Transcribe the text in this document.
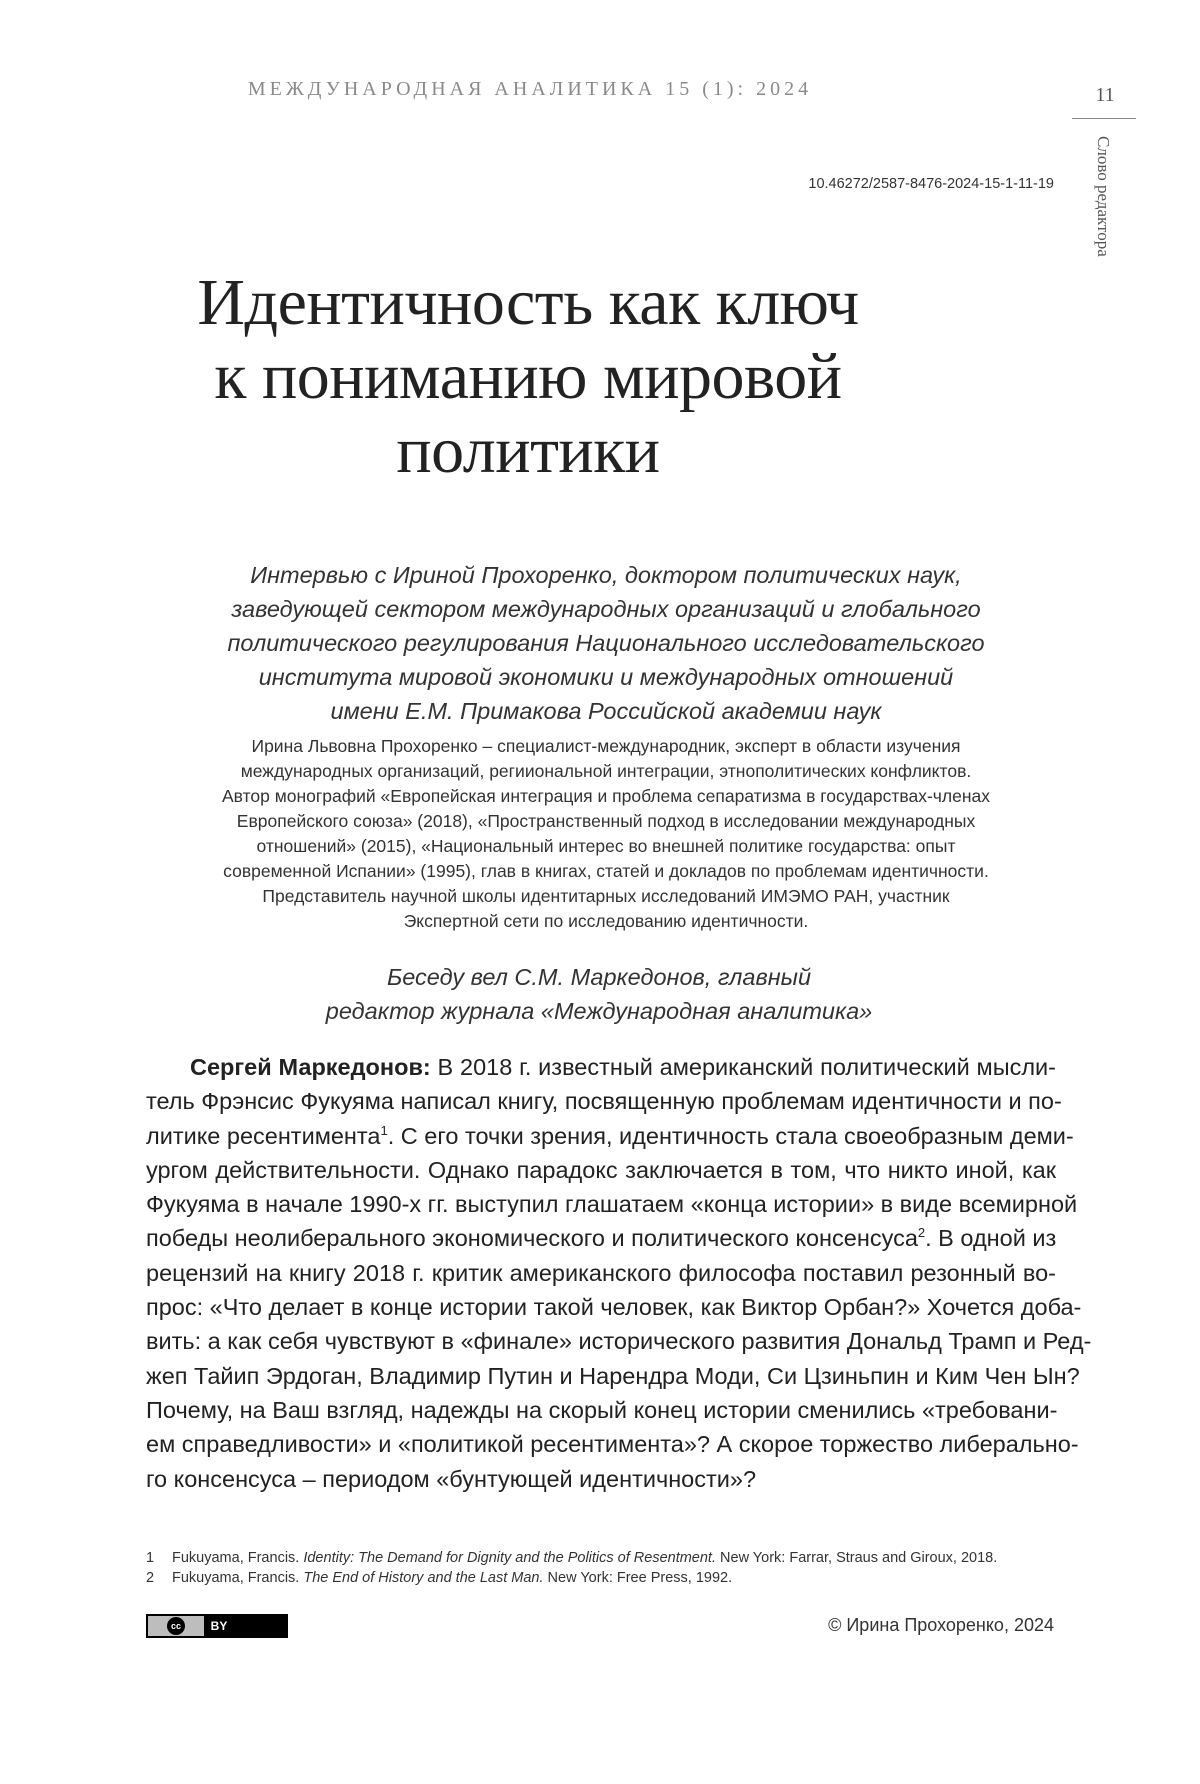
МЕЖДУНАРОДНАЯ АНАЛИТИКА 15 (1): 2024	11
Слово редактора
10.46272/2587-8476-2024-15-1-11-19
Идентичность как ключ
к пониманию мировой
политики
Интервью с Ириной Прохоренко, доктором политических наук,
заведующей сектором международных организаций и глобального
политического регулирования Национального исследовательского
института мировой экономики и международных отношений
имени Е.М. Примакова Российской академии наук
Ирина Львовна Прохоренко – специалист-международник, эксперт в области изучения
международных организаций, регииональной интеграции, этнополитических конфликтов.
Автор монографий «Европейская интеграция и проблема сепаратизма в государствах-членах
Европейского союза» (2018), «Пространственный подход в исследовании международных
отношений» (2015), «Национальный интерес во внешней политике государства: опыт
современной Испании» (1995), глав в книгах, статей и докладов по проблемам идентичности.
Представитель научной школы идентитарных исследований ИМЭМО РАН, участник
Экспертной сети по исследованию идентичности.
Беседу вел С.М. Маркедонов, главный
редактор журнала «Международная аналитика»
Сергей Маркедонов: В 2018 г. известный американский политический мысли-
тель Фрэнсис Фукуяма написал книгу, посвященную проблемам идентичности и по-
литике ресентимента$^1$. С его точки зрения, идентичность стала своеобразным деми-
ургом действительности. Однако парадокс заключается в том, что никто иной, как
Фукуяма в начале 1990-х гг. выступил глашатаем «конца истории» в виде всемирной
победы неолиберального экономического и политического консенсуса$^2$. В одной из
рецензий на книгу 2018 г. критик американского философа поставил резонный во-
прос: «Что делает в конце истории такой человек, как Виктор Орбан?» Хочется доба-
вить: а как себя чувствуют в «финале» исторического развития Дональд Трамп и Ред-
жеп Тайип Эрдоган, Владимир Путин и Нарендра Моди, Си Цзиньпин и Ким Чен Ын?
Почему, на Ваш взгляд, надежды на скорый конец истории сменились «требовани-
ем справедливости» и «политикой ресентимента»? А скорое торжество либерально-
го консенсуса – периодом «бунтующей идентичности»?
1	Fukuyama, Francis. Identity: The Demand for Dignity and the Politics of Resentment. New York: Farrar, Straus and Giroux, 2018.
2	Fukuyama, Francis. The End of History and the Last Man. New York: Free Press, 1992.
cc	BY	© Ирина Прохоренко, 2024
